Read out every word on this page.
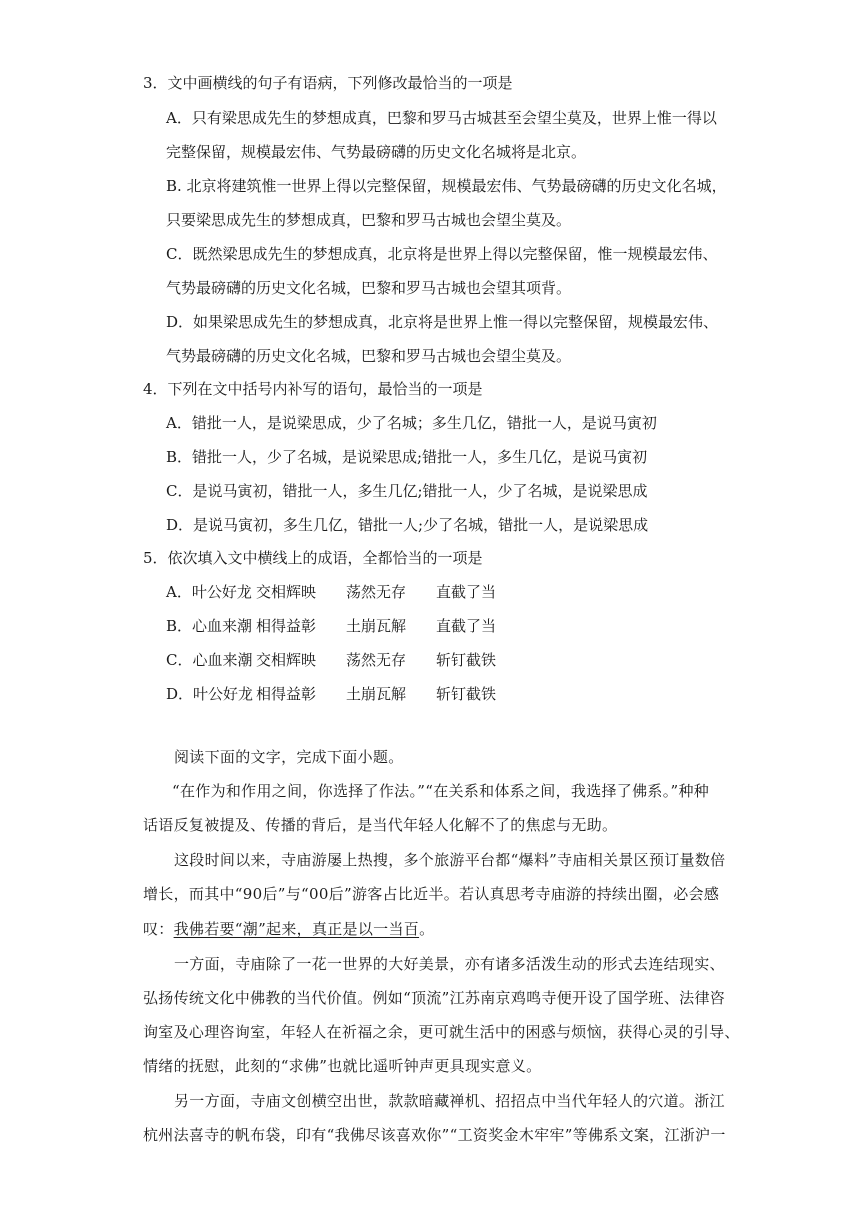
3．文中画横线的句子有语病，下列修改最恰当的一项是
A．只有梁思成先生的梦想成真，巴黎和罗马古城甚至会望尘莫及，世界上惟一得以
完整保留，规模最宏伟、气势最磅礴的历史文化名城将是北京。
B. 北京将建筑惟一世界上得以完整保留，规模最宏伟、气势最磅礴的历史文化名城，
只要梁思成先生的梦想成真，巴黎和罗马古城也会望尘莫及。
C．既然梁思成先生的梦想成真，北京将是世界上得以完整保留，惟一规模最宏伟、
气势最磅礴的历史文化名城，巴黎和罗马古城也会望其项背。
D．如果梁思成先生的梦想成真，北京将是世界上惟一得以完整保留，规模最宏伟、
气势最磅礴的历史文化名城，巴黎和罗马古城也会望尘莫及。
4．下列在文中括号内补写的语句，最恰当的一项是
A．错批一人，是说梁思成，少了名城；多生几亿，错批一人，是说马寅初
B．错批一人，少了名城，是说梁思成;错批一人，多生几亿，是说马寅初
C．是说马寅初，错批一人，多生几亿;错批一人，少了名城，是说梁思成
D．是说马寅初，多生几亿，错批一人;少了名城，错批一人，是说梁思成
5．依次填入文中横线上的成语，全都恰当的一项是
A．叶公好龙 交相辉映 荡然无存 直截了当
B．心血来潮 相得益彰 土崩瓦解 直截了当
C．心血来潮 交相辉映 荡然无存 斩钉截铁
D．叶公好龙 相得益彰 土崩瓦解 斩钉截铁
阅读下面的文字，完成下面小题。
“在作为和作用之间，你选择了作法。”“在关系和体系之间，我选择了佛系。”种种
话语反复被提及、传播的背后，是当代年轻人化解不了的焦虑与无助。
这段时间以来，寺庙游屡上热搜，多个旅游平台都“爆料”寺庙相关景区预订量数倍
增长，而其中“90后”与“00后”游客占比近半。若认真思考寺庙游的持续出圈，必会感
叹：我佛若要“潮”起来，真正是以一当百。
一方面，寺庙除了一花一世界的大好美景，亦有诸多活泼生动的形式去连结现实、
弘扬传统文化中佛教的当代价值。例如“顶流”江苏南京鸡鸣寺便开设了国学班、法律咨
询室及心理咨询室，年轻人在祈福之余，更可就生活中的困惑与烦恼，获得心灵的引导、
情绪的抚慰，此刻的“求佛”也就比遥听钟声更具现实意义。
另一方面，寺庙文创横空出世，款款暗藏禅机、招招点中当代年轻人的穴道。浙江
杭州法喜寺的帆布袋，印有“我佛尽该喜欢你”“工资奖金木牢牢”等佛系文案，江浙沪一
